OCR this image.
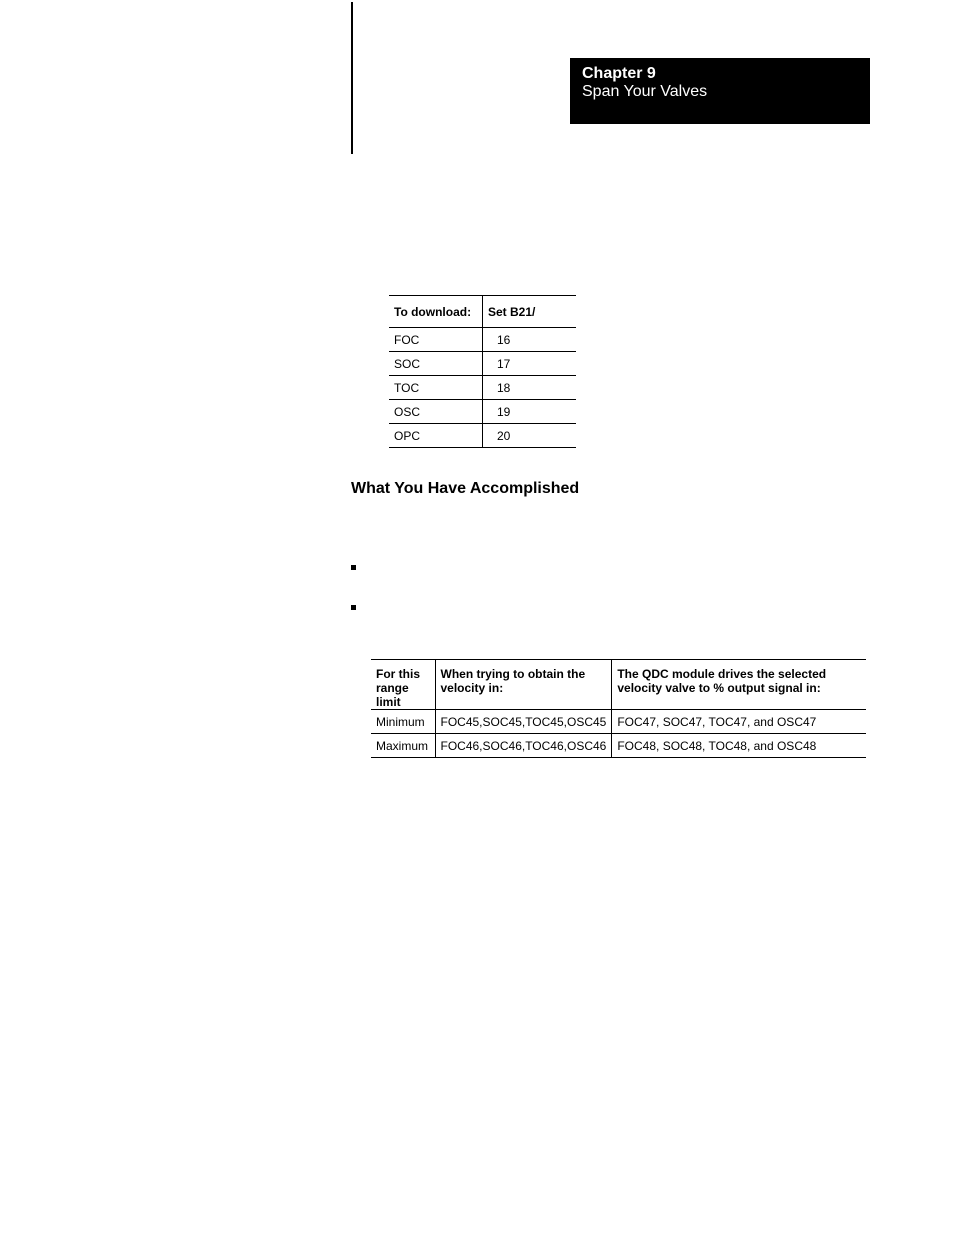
Chapter 9
Span Your Valves
To download:	Set B21/
FOC	16
SOC	17
TOC	18
OSC	19
OPC	20
What You Have Accomplished
For this range limit	When trying to obtain the velocity in:	The QDC module drives the selected velocity valve to % output signal in:
Minimum	FOC45,SOC45,TOC45,OSC45	FOC47, SOC47, TOC47, and OSC47
Maximum	FOC46,SOC46,TOC46,OSC46	FOC48, SOC48, TOC48, and OSC48
